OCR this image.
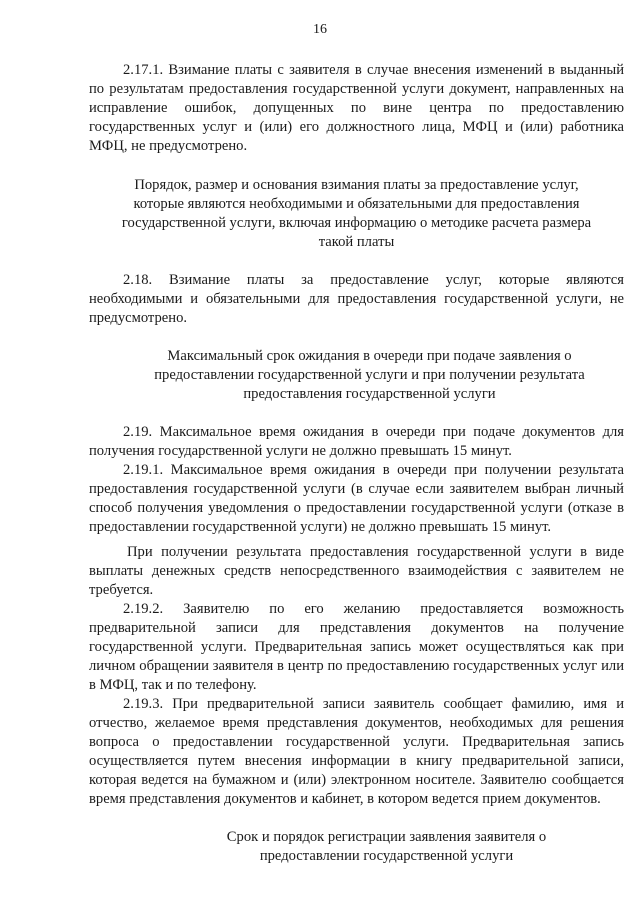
16

2.17.1. Взимание платы с заявителя в случае внесения изменений в выданный по результатам предоставления государственной услуги документ, направленных на исправление ошибок, допущенных по вине центра по предоставлению государственных услуг и (или) его должностного лица, МФЦ и (или) работника МФЦ, не предусмотрено.

Порядок, размер и основания взимания платы за предоставление услуг, которые являются необходимыми и обязательными для предоставления государственной услуги, включая информацию о методике расчета размера такой платы

2.18. Взимание платы за предоставление услуг, которые являются необходимыми и обязательными для предоставления государственной услуги, не предусмотрено.

Максимальный срок ожидания в очереди при подаче заявления о предоставлении государственной услуги и при получении результата предоставления государственной услуги

2.19. Максимальное время ожидания в очереди при подаче документов для получения государственной услуги не должно превышать 15 минут.

2.19.1. Максимальное время ожидания в очереди при получении результата предоставления государственной услуги (в случае если заявителем выбран личный способ получения уведомления о предоставлении государственной услуги (отказе в предоставлении государственной услуги) не должно превышать 15 минут.

При получении результата предоставления государственной услуги в виде выплаты денежных средств непосредственного взаимодействия с заявителем не требуется.

2.19.2. Заявителю по его желанию предоставляется возможность предварительной записи для представления документов на получение государственной услуги. Предварительная запись может осуществляться как при личном обращении заявителя в центр по предоставлению государственных услуг или в МФЦ, так и по телефону.

2.19.3. При предварительной записи заявитель сообщает фамилию, имя и отчество, желаемое время представления документов, необходимых для решения вопроса о предоставлении государственной услуги. Предварительная запись осуществляется путем внесения информации в книгу предварительной записи, которая ведется на бумажном и (или) электронном носителе. Заявителю сообщается время представления документов и кабинет, в котором ведется прием документов.

Срок и порядок регистрации заявления заявителя о предоставлении государственной услуги
